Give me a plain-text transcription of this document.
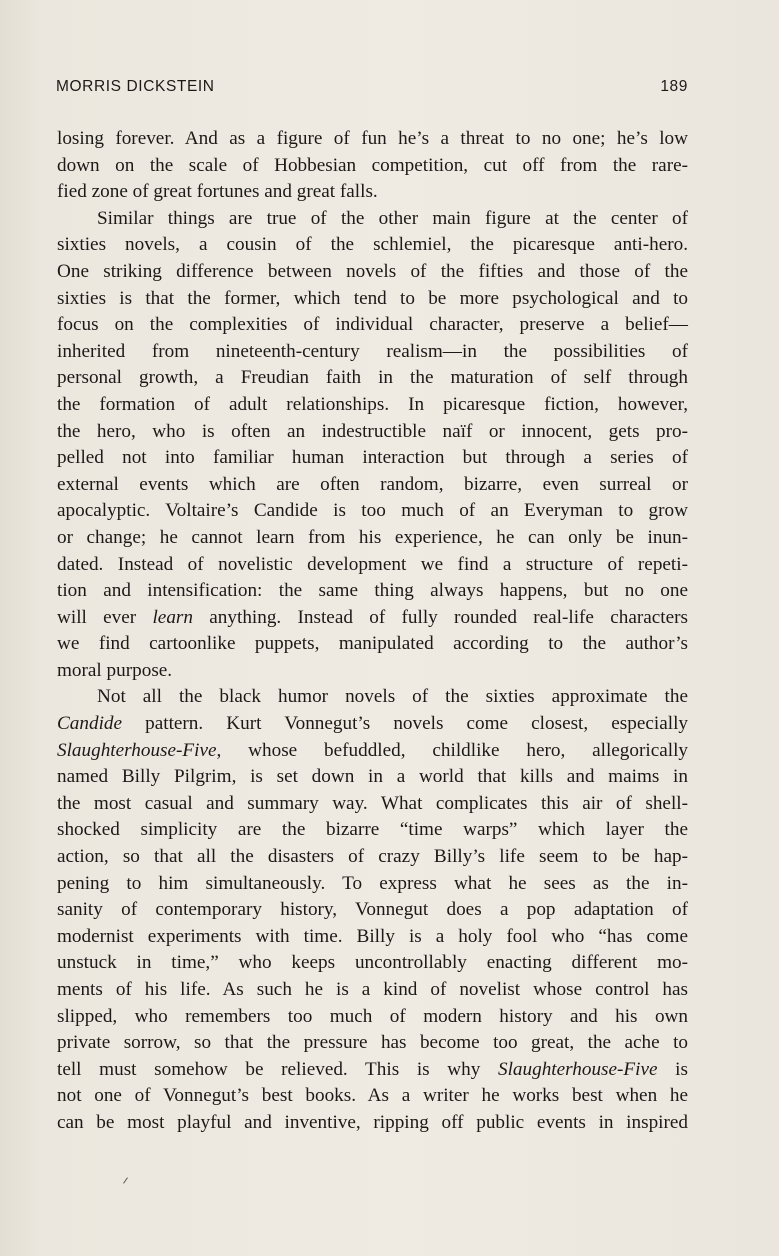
MORRIS DICKSTEIN	189
losing forever. And as a figure of fun he’s a threat to no one; he’s low
down on the scale of Hobbesian competition, cut off from the rare-
fied zone of great fortunes and great falls.
Similar things are true of the other main figure at the center of
sixties novels, a cousin of the schlemiel, the picaresque anti-hero.
One striking difference between novels of the fifties and those of the
sixties is that the former, which tend to be more psychological and to
focus on the complexities of individual character, preserve a belief—
inherited from nineteenth-century realism—in the possibilities of
personal growth, a Freudian faith in the maturation of self through
the formation of adult relationships. In picaresque fiction, however,
the hero, who is often an indestructible naïf or innocent, gets pro-
pelled not into familiar human interaction but through a series of
external events which are often random, bizarre, even surreal or
apocalyptic. Voltaire’s Candide is too much of an Everyman to grow
or change; he cannot learn from his experience, he can only be inun-
dated. Instead of novelistic development we find a structure of repeti-
tion and intensification: the same thing always happens, but no one
will ever learn anything. Instead of fully rounded real-life characters
we find cartoonlike puppets, manipulated according to the author’s
moral purpose.
Not all the black humor novels of the sixties approximate the
Candide pattern. Kurt Vonnegut’s novels come closest, especially
Slaughterhouse-Five, whose befuddled, childlike hero, allegorically
named Billy Pilgrim, is set down in a world that kills and maims in
the most casual and summary way. What complicates this air of shell-
shocked simplicity are the bizarre “time warps” which layer the
action, so that all the disasters of crazy Billy’s life seem to be hap-
pening to him simultaneously. To express what he sees as the in-
sanity of contemporary history, Vonnegut does a pop adaptation of
modernist experiments with time. Billy is a holy fool who “has come
unstuck in time,” who keeps uncontrollably enacting different mo-
ments of his life. As such he is a kind of novelist whose control has
slipped, who remembers too much of modern history and his own
private sorrow, so that the pressure has become too great, the ache to
tell must somehow be relieved. This is why Slaughterhouse-Five is
not one of Vonnegut’s best books. As a writer he works best when he
can be most playful and inventive, ripping off public events in inspired
